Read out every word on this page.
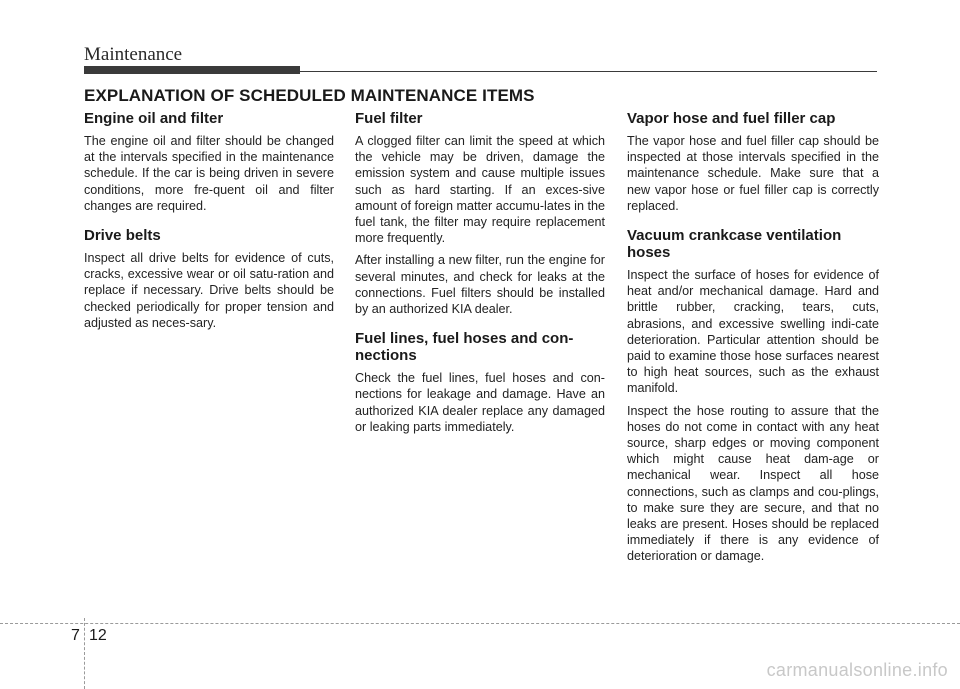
Maintenance
EXPLANATION OF SCHEDULED MAINTENANCE ITEMS
Engine oil and filter

The engine oil and filter should be changed at the intervals specified in the maintenance schedule. If the car is being driven in severe conditions, more fre-quent oil and filter changes are required.

Drive belts

Inspect all drive belts for evidence of cuts, cracks, excessive wear or oil satu-ration and replace if necessary. Drive belts should be checked periodically for proper tension and adjusted as neces-sary.

Fuel filter

A clogged filter can limit the speed at which the vehicle may be driven, damage the emission system and cause multiple issues such as hard starting. If an exces-sive amount of foreign matter accumu-lates in the fuel tank, the filter may require replacement more frequently.

After installing a new filter, run the engine for several minutes, and check for leaks at the connections. Fuel filters should be installed by an authorized KIA dealer.

Fuel lines, fuel hoses and con-nections

Check the fuel lines, fuel hoses and con-nections for leakage and damage. Have an authorized KIA dealer replace any damaged or leaking parts immediately.

Vapor hose and fuel filler cap

The vapor hose and fuel filler cap should be inspected at those intervals specified in the maintenance schedule. Make sure that a new vapor hose or fuel filler cap is correctly replaced.

Vacuum crankcase ventilation hoses

Inspect the surface of hoses for evidence of heat and/or mechanical damage. Hard and brittle rubber, cracking, tears, cuts, abrasions, and excessive swelling indi-cate deterioration. Particular attention should be paid to examine those hose surfaces nearest to high heat sources, such as the exhaust manifold.

Inspect the hose routing to assure that the hoses do not come in contact with any heat source, sharp edges or moving component which might cause heat dam-age or mechanical wear. Inspect all hose connections, such as clamps and cou-plings, to make sure they are secure, and that no leaks are present. Hoses should be replaced immediately if there is any evidence of deterioration or damage.

7 12
carmanualsonline.info
